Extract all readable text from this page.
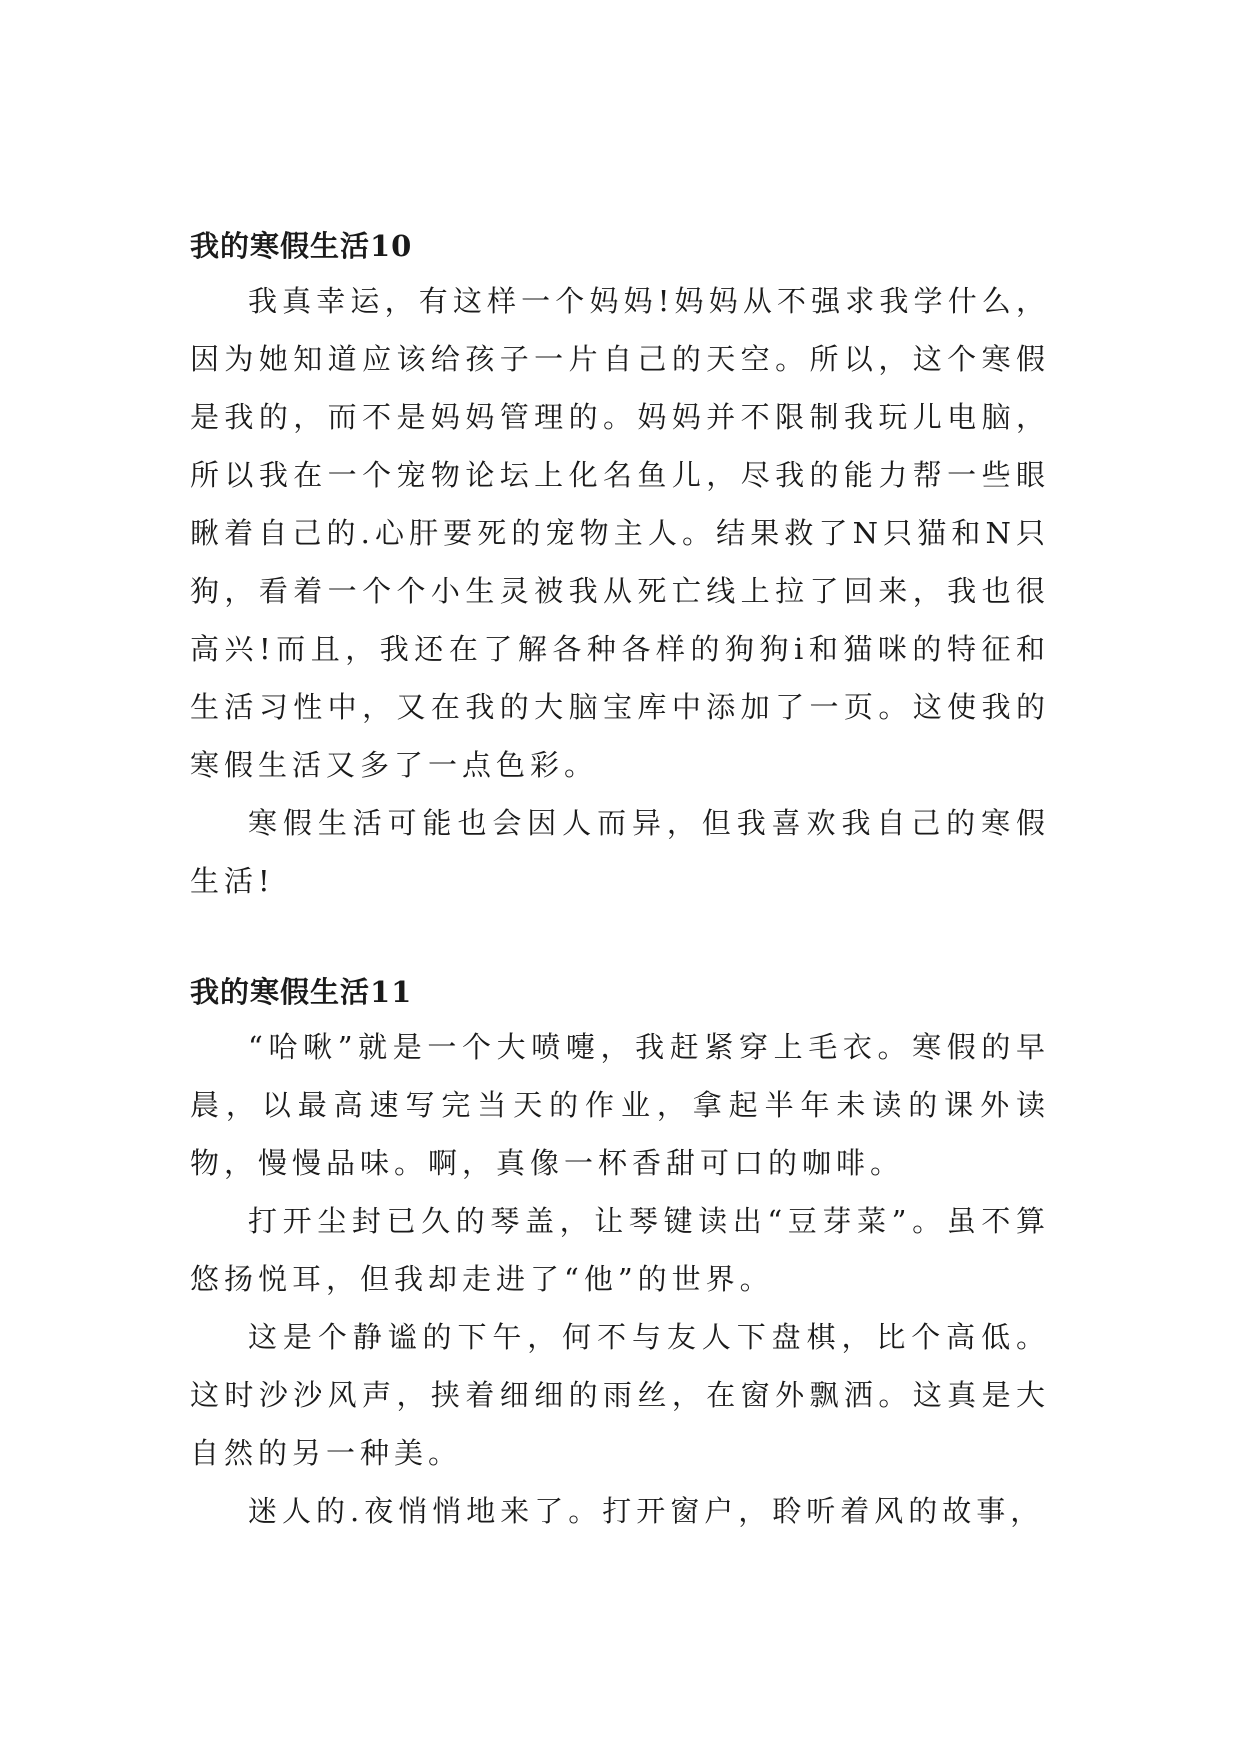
我的寒假生活10

我真幸运，有这样一个妈妈!妈妈从不强求我学什么，因为她知道应该给孩子一片自己的天空。所以，这个寒假是我的，而不是妈妈管理的。妈妈并不限制我玩儿电脑，所以我在一个宠物论坛上化名鱼儿，尽我的能力帮一些眼瞅着自己的.心肝要死的宠物主人。结果救了N只猫和N只狗，看着一个个小生灵被我从死亡线上拉了回来，我也很高兴!而且，我还在了解各种各样的狗狗i和猫咪的特征和生活习性中，又在我的大脑宝库中添加了一页。这使我的寒假生活又多了一点色彩。

寒假生活可能也会因人而异，但我喜欢我自己的寒假生活!

我的寒假生活11

“哈啾”就是一个大喷嚏，我赶紧穿上毛衣。寒假的早晨，以最高速写完当天的作业，拿起半年未读的课外读物，慢慢品味。啊，真像一杯香甜可口的咖啡。

打开尘封已久的琴盖，让琴键读出“豆芽菜”。虽不算悠扬悦耳，但我却走进了“他”的世界。

这是个静谧的下午，何不与友人下盘棋，比个高低。这时沙沙风声，挟着细细的雨丝，在窗外飘洒。这真是大自然的另一种美。

迷人的.夜悄悄地来了。打开窗户，聆听着风的故事，
